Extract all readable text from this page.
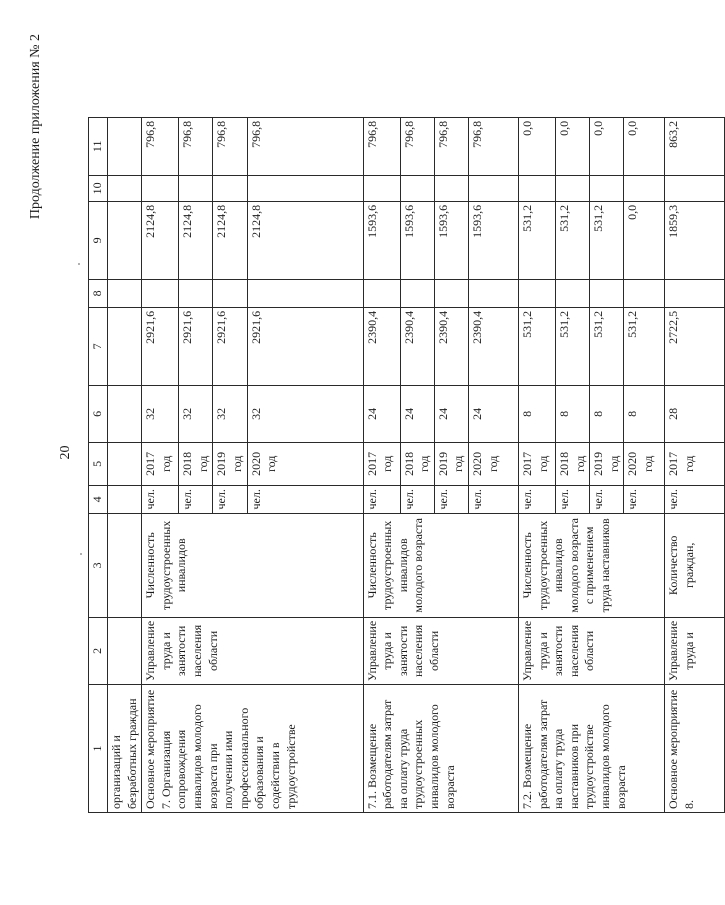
20
Продолжение приложения № 2
1	2	3	4	5	6	7	8	9	10	11
организаций и безработных граждан										
Основное мероприятие 7. Организация сопровождения инвалидов молодого возраста при получении ими профессионального образования и содействии в трудоустройстве	Управление труда и занятости населения области	Численность трудоустроенных инвалидов	чел.	2017 год	32	2921,6		2124,8		796,8
			чел.	2018 год	32	2921,6		2124,8		796,8
			чел.	2019 год	32	2921,6		2124,8		796,8
			чел.	2020 год	32	2921,6		2124,8		796,8
7.1. Возмещение работодателям затрат на оплату труда трудоустроенных инвалидов молодого возраста	Управление труда и занятости населения области	Численность трудоустроенных инвалидов молодого возраста	чел.	2017 год	24	2390,4		1593,6		796,8
			чел.	2018 год	24	2390,4		1593,6		796,8
			чел.	2019 год	24	2390,4		1593,6		796,8
			чел.	2020 год	24	2390,4		1593,6		796,8
7.2. Возмещение работодателям затрат на оплату труда наставников при трудоустройстве инвалидов молодого возраста	Управление труда и занятости населения области	Численность трудоустроенных инвалидов молодого возраста с применением труда наставников	чел.	2017 год	8	531,2		531,2		0,0
			чел.	2018 год	8	531,2		531,2		0,0
			чел.	2019 год	8	531,2		531,2		0,0
			чел.	2020 год	8	531,2		0,0		0,0
Основное мероприятие 8.	Управление труда и	Количество граждан,	чел.	2017 год	28	2722,5		1859,3		863,2
